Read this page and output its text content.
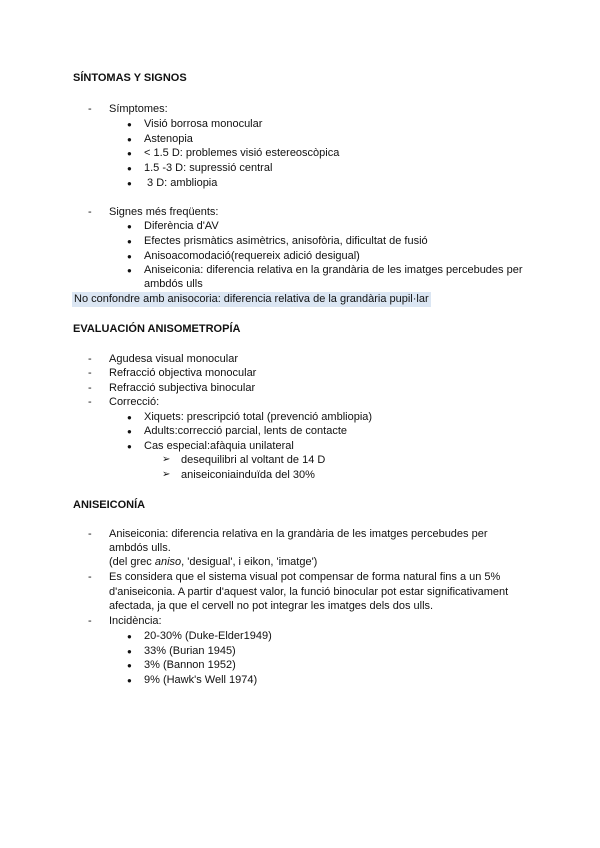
SÍNTOMAS Y SIGNOS
- Símptomes:
● Visió borrosa monocular
● Astenopia
● < 1.5 D: problemes visió estereoscòpica
● 1.5 -3 D: supressió central
● 3 D: ambliopia
- Signes més freqüents:
● Diferència d'AV
● Efectes prismàtics asimètrics, anisofòria, dificultat de fusió
● Anisoacomodació(requereix adició desigual)
● Aniseiconia: diferencia relativa en la grandària de les imatges percebudes per
ambdós ulls
No confondre amb anisocoria: diferencia relativa de la grandària pupil·lar
EVALUACIÓN ANISOMETROPÍA
- Agudesa visual monocular
- Refracció objectiva monocular
- Refracció subjectiva binocular
- Correcció:
● Xiquets: prescripció total (prevenció ambliopia)
● Adults:correcció parcial, lents de contacte
● Cas especial:afàquia unilateral
➢ desequilibri al voltant de 14 D
➢ aniseiconiainduïda del 30%
ANISEICONÍA
- Aniseiconia: diferencia relativa en la grandària de les imatges percebudes per
ambdós ulls.
(del grec aniso, 'desigual', i eikon, 'imatge')
- Es considera que el sistema visual pot compensar de forma natural fins a un 5%
d'aniseiconia. A partir d'aquest valor, la funció binocular pot estar significativament
afectada, ja que el cervell no pot integrar les imatges dels dos ulls.
- Incidència:
● 20-30% (Duke-Elder1949)
● 33% (Burian 1945)
● 3% (Bannon 1952)
● 9% (Hawk's Well 1974)
